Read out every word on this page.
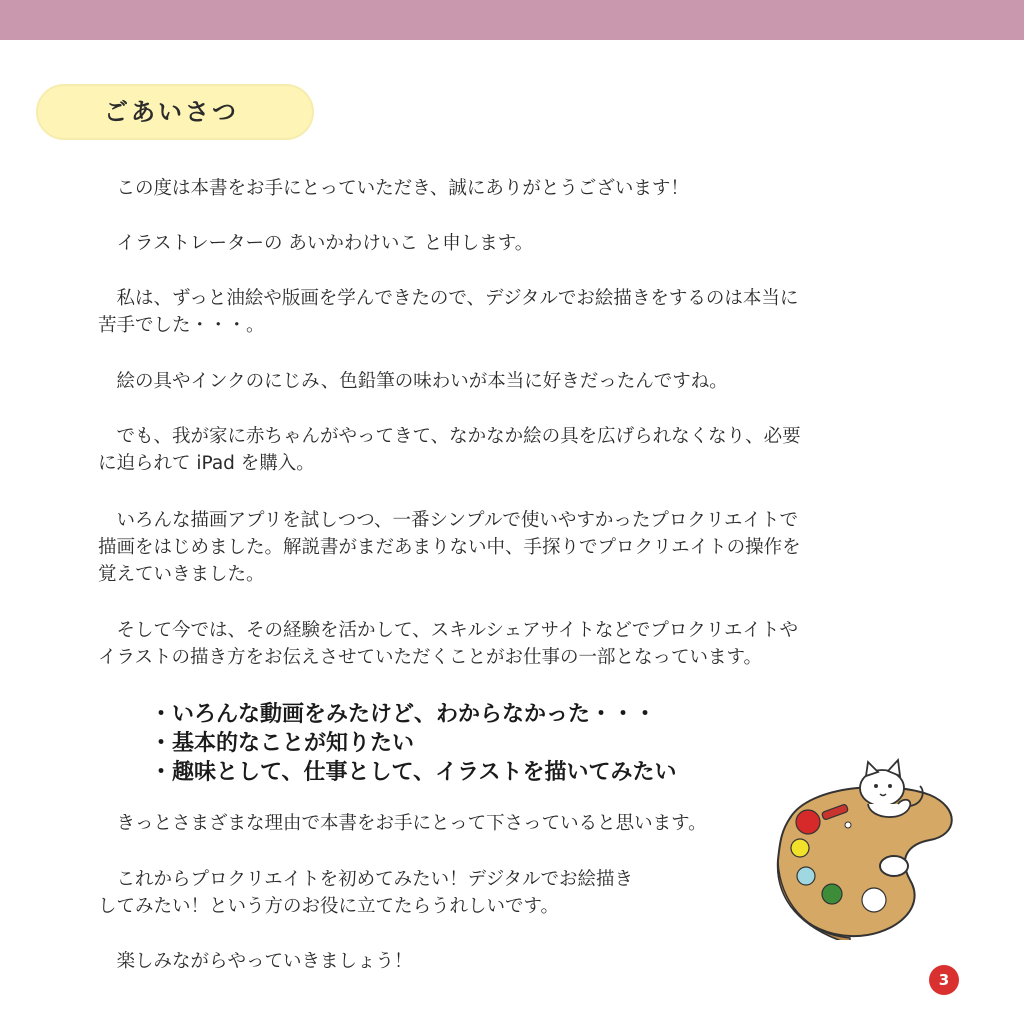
ごあいさつ
　この度は本書をお手にとっていただき、誠にありがとうございます！
　イラストレーターの あいかわけいこ と申します。
　私は、ずっと油絵や版画を学んできたので、デジタルでお絵描きをするのは本当に
苦手でした・・・。
　絵の具やインクのにじみ、色鉛筆の味わいが本当に好きだったんですね。
　でも、我が家に赤ちゃんがやってきて、なかなか絵の具を広げられなくなり、必要
に迫られて iPad を購入。
　いろんな描画アプリを試しつつ、一番シンプルで使いやすかったプロクリエイトで
描画をはじめました。解説書がまだあまりない中、手探りでプロクリエイトの操作を
覚えていきました。
　そして今では、その経験を活かして、スキルシェアサイトなどでプロクリエイトや
イラストの描き方をお伝えさせていただくことがお仕事の一部となっています。
・いろんな動画をみたけど、わからなかった・・・
・基本的なことが知りたい
・趣味として、仕事として、イラストを描いてみたい
　きっとさまざまな理由で本書をお手にとって下さっていると思います。
　これからプロクリエイトを初めてみたい！デジタルでお絵描き
してみたい！という方のお役に立てたらうれしいです。
　楽しみながらやっていきましょう！
3
